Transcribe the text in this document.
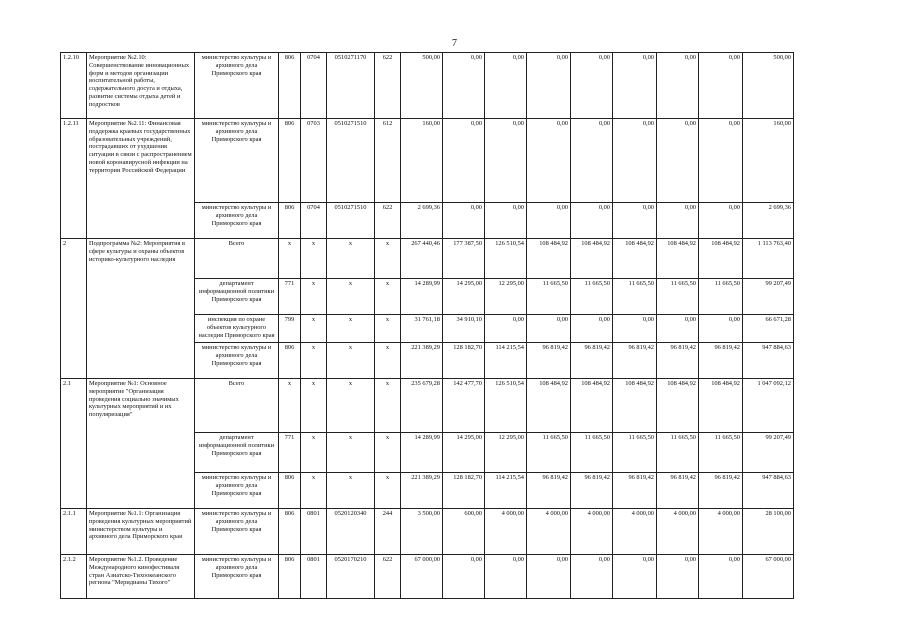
7
1.2.10	Мероприятие №2.10: Совершенствование инновационных форм и методов организации воспитательной работы, содержательного досуга и отдыха, развитие системы отдыха детей и подростков	министерство культуры и архивного дела Приморского края	806	0704	0510271170	622	500,00	0,00	0,00	0,00	0,00	0,00	0,00	0,00	500,00
1.2.11	Мероприятие №2.11: Финансовая поддержка краевых государственных образовательных учреждений, пострадавших от ухудшения ситуации в связи с распространением новой коронавирусной инфекции на территории Российской Федерации	министерство культуры и архивного дела Приморского края	806	0703	0510271510	612	160,00	0,00	0,00	0,00	0,00	0,00	0,00	0,00	160,00
		министерство культуры и архивного дела Приморского края	806	0704	0510271510	622	2 699,36	0,00	0,00	0,00	0,00	0,00	0,00	0,00	2 699,36
2	Подпрограмма №2: Мероприятия в сфере культуры и охраны объектов историко-культурного наследия	Всего	x	x	x	x	267 440,46	177 387,50	126 510,54	108 484,92	108 484,92	108 484,92	108 484,92	108 484,92	1 113 763,40
		департамент информационной политики Приморского края	771	x	x	x	14 289,99	14 295,00	12 295,00	11 665,50	11 665,50	11 665,50	11 665,50	11 665,50	99 207,49
		инспекция по охране объектов культурного наследия Приморского края	799	x	x	x	31 761,18	34 910,10	0,00	0,00	0,00	0,00	0,00	0,00	66 671,28
		министерство культуры и архивного дела Приморского края	806	x	x	x	221 389,29	128 182,70	114 215,54	96 819,42	96 819,42	96 819,42	96 819,42	96 819,42	947 884,63
2.1	Мероприятие №1: Основное мероприятие "Организация проведения социально значимых культурных мероприятий и их популяризация"	Всего	x	x	x	x	235 679,28	142 477,70	126 510,54	108 484,92	108 484,92	108 484,92	108 484,92	108 484,92	1 047 092,12
		департамент информационной политики Приморского края	771	x	x	x	14 289,99	14 295,00	12 295,00	11 665,50	11 665,50	11 665,50	11 665,50	11 665,50	99 207,49
		министерство культуры и архивного дела Приморского края	806	x	x	x	221 389,29	128 182,70	114 215,54	96 819,42	96 819,42	96 819,42	96 819,42	96 819,42	947 884,63
2.1.1	Мероприятие №1.1: Организация проведения культурных мероприятий министерством культуры и архивного дела Приморского края	министерство культуры и архивного дела Приморского края	806	0801	0520120340	244	3 500,00	600,00	4 000,00	4 000,00	4 000,00	4 000,00	4 000,00	4 000,00	28 100,00
2.1.2	Мероприятие №1.2. Проведение Международного кинофестиваля стран Азиатско-Тихоокеанского региона "Меридианы Тихого"	министерство культуры и архивного дела Приморского края	806	0801	0520170210	622	67 000,00	0,00	0,00	0,00	0,00	0,00	0,00	0,00	67 000,00
